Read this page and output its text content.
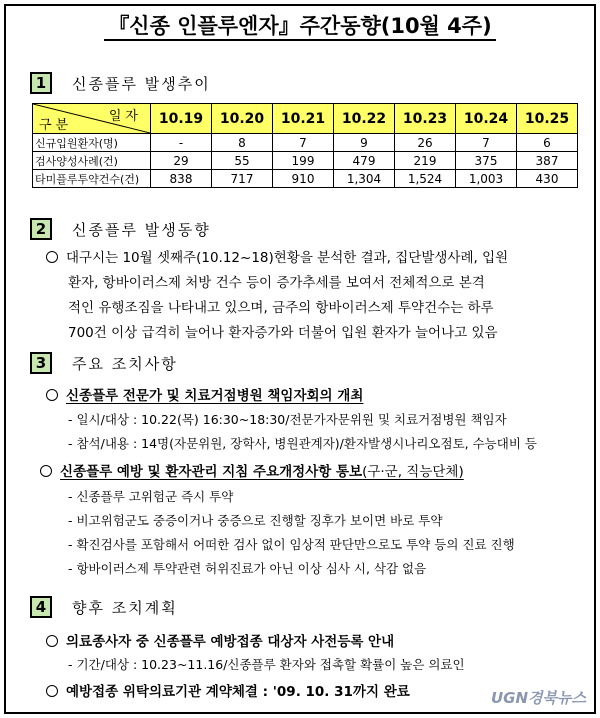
『신종 인플루엔자』주간동향(10월 4주)
1	신종플루 발생추이
일자
구분	10.19	10.20	10.21	10.22	10.23	10.24	10.25
신규입원환자(명)	-	8	7	9	26	7	6
검사양성사례(건)	29	55	199	479	219	375	387
타미플루투약건수(건)	838	717	910	1,304	1,524	1,003	430
2	신종플루 발생동향
대구시는 10월 셋째주(10.12~18)현황을 분석한 결과, 집단발생사례, 입원
환자, 항바이러스제 처방 건수 등이 증가추세를 보여서 전체적으로 본격
적인 유행조짐을 나타내고 있으며, 금주의 항바이러스제 투약건수는 하루
700건 이상 급격히 늘어나 환자증가와 더불어 입원 환자가 늘어나고 있음
3	주요 조치사항
신종플루 전문가 및 치료거점병원 책임자회의 개최
- 일시/대상 : 10.22(목) 16:30~18:30/전문가자문위원 및 치료거점병원 책임자
- 참석/내용 : 14명(자문위원, 장학사, 병원관계자)/환자발생시나리오점토, 수능대비 등
신종플루 예방 및 환자관리 지침 주요개정사항 통보(구·군, 직능단체)
- 신종플루 고위험군 즉시 투약
- 비고위험군도 중증이거나 중증으로 진행할 징후가 보이면 바로 투약
- 확진검사를 포함해서 어떠한 검사 없이 임상적 판단만으로도 투약 등의 진료 진행
- 항바이러스제 투약관련 허위진료가 아닌 이상 심사 시, 삭감 없음
4	향후 조치계획
의료종사자 중 신종플루 예방접종 대상자 사전등록 안내
- 기간/대상 : 10.23~11.16/신종플루 환자와 접촉할 확률이 높은 의료인
예방접종 위탁의료기관 계약체결 : '09. 10. 31까지 완료	UGN경북뉴스
